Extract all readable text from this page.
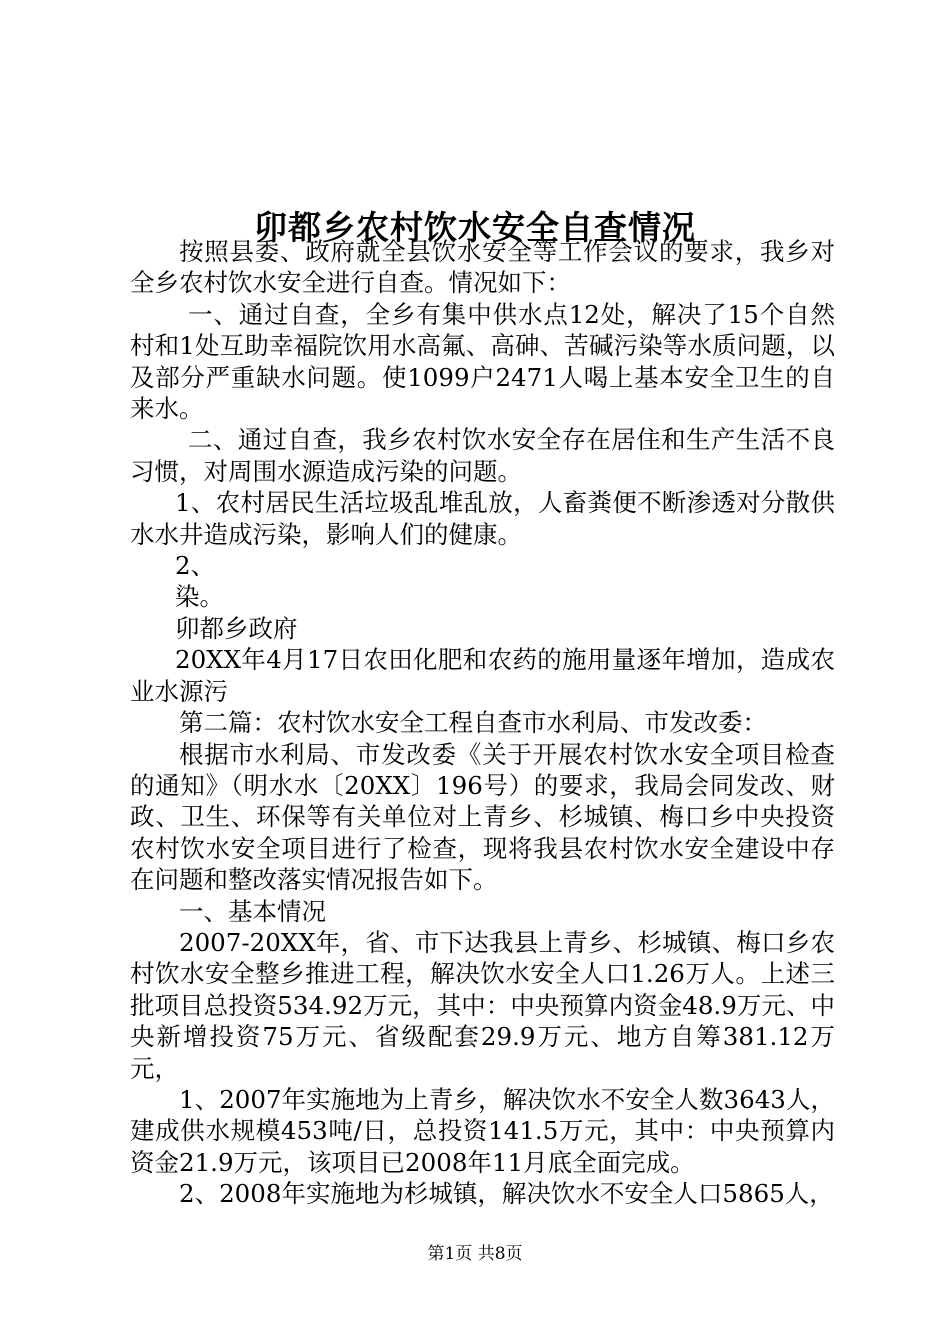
卯都乡农村饮水安全自查情况

按照县委、政府就全县饮水安全等工作会议的要求，我乡对全乡农村饮水安全进行自查。情况如下：

一、通过自查，全乡有集中供水点12处，解决了15个自然村和1处互助幸福院饮用水高氟、高砷、苦碱污染等水质问题，以及部分严重缺水问题。使1099户2471人喝上基本安全卫生的自来水。

二、通过自查，我乡农村饮水安全存在居住和生产生活不良习惯，对周围水源造成污染的问题。

1、农村居民生活垃圾乱堆乱放，人畜粪便不断渗透对分散供水水井造成污染，影响人们的健康。

2、

染。

卯都乡政府

20XX年4月17日农田化肥和农药的施用量逐年增加，造成农业水源污

第二篇：农村饮水安全工程自查市水利局、市发改委：

根据市水利局、市发改委《关于开展农村饮水安全项目检查的通知》（明水水〔20XX〕196号）的要求，我局会同发改、财政、卫生、环保等有关单位对上青乡、杉城镇、梅口乡中央投资农村饮水安全项目进行了检查，现将我县农村饮水安全建设中存在问题和整改落实情况报告如下。

一、基本情况

2007-20XX年，省、市下达我县上青乡、杉城镇、梅口乡农村饮水安全整乡推进工程，解决饮水安全人口1.26万人。上述三批项目总投资534.92万元，其中：中央预算内资金48.9万元、中央新增投资75万元、省级配套29.9万元、地方自筹381.12万元，

1、2007年实施地为上青乡，解决饮水不安全人数3643人，建成供水规模453吨/日，总投资141.5万元，其中：中央预算内资金21.9万元，该项目已2008年11月底全面完成。

2、2008年实施地为杉城镇，解决饮水不安全人口5865人，

第1页 共8页
